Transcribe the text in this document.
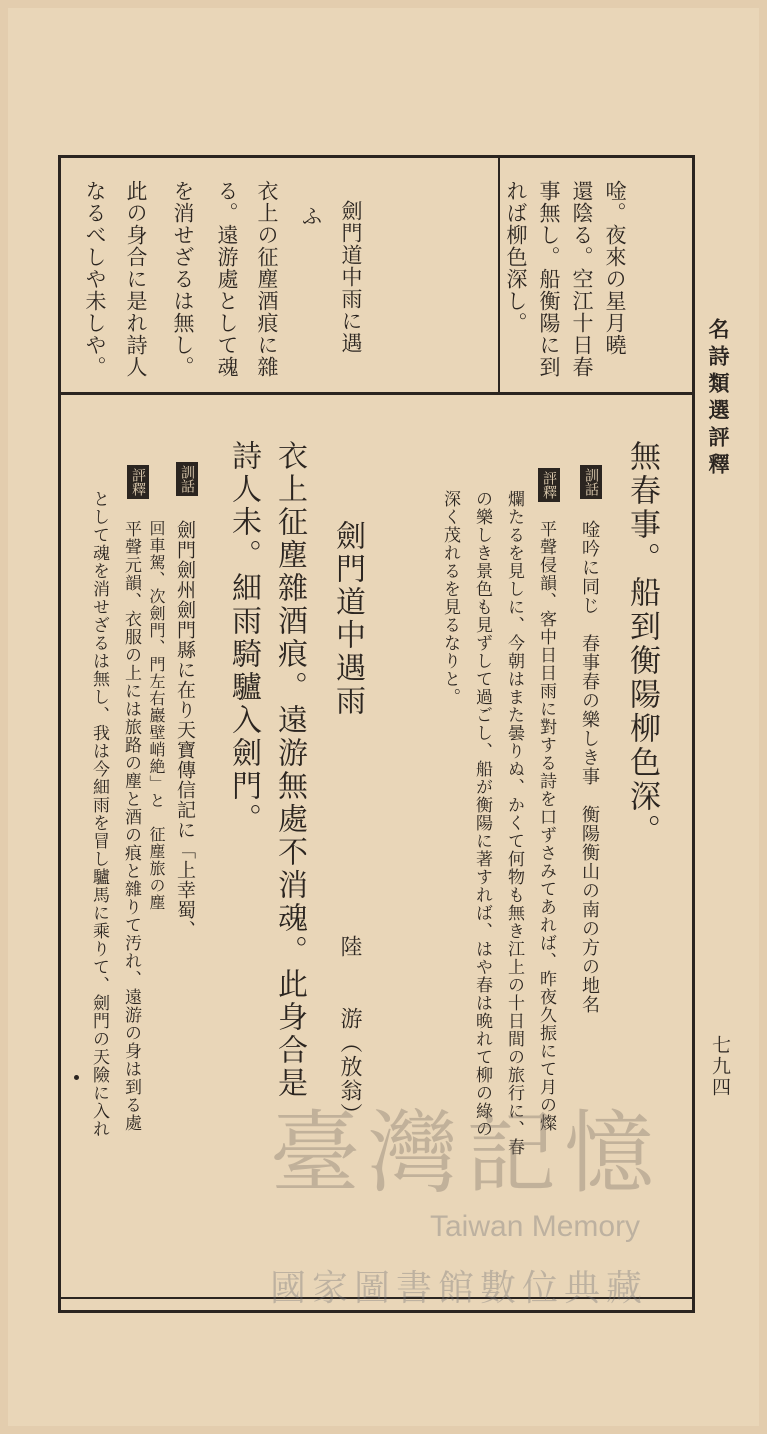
名詩類選評釋
七九四
唫。夜來の星月曉
還陰る。空江十日春
事無し。船衡陽に到
れば柳色深し。
劍門道中雨に遇
ふ
衣上の征塵酒痕に雜
る。遠游處として魂
を消せざるは無し。
此の身合に是れ詩人
なるべしや未しや。
無春事。船到衡陽柳色深。
訓話
唫吟に同じ　春事春の樂しき事　衡陽衡山の南の方の地名
評釋
平聲侵韻、客中日日雨に對する詩を口ずさみてあれば、昨夜久振にて月の燦
爛たるを見しに、今朝はまた曇りぬ、かくて何物も無き江上の十日間の旅行に、春
の樂しき景色も見ずして過ごし、船が衡陽に著すれば、はや春は晩れて柳の綠の
深く茂れるを見るなりと。
劍門道中遇雨
陸　　游（放翁）
衣上征塵雜酒痕。遠游無處不消魂。此身合是
詩人未。細雨騎驢入劍門。
訓話
劍門劍州劍門縣に在り天寶傳信記に「上幸蜀、
回車駕、次劍門、門左右巖壁峭絶」と　征塵旅の塵
評釋
平聲元韻、衣服の上には旅路の塵と酒の痕と雜りて汚れ、遠游の身は到る處
として魂を消せざるは無し、我は今細雨を冒し驢馬に乘りて、劍門の天險に入れ
臺灣記憶
Taiwan Memory
國家圖書館數位典藏
